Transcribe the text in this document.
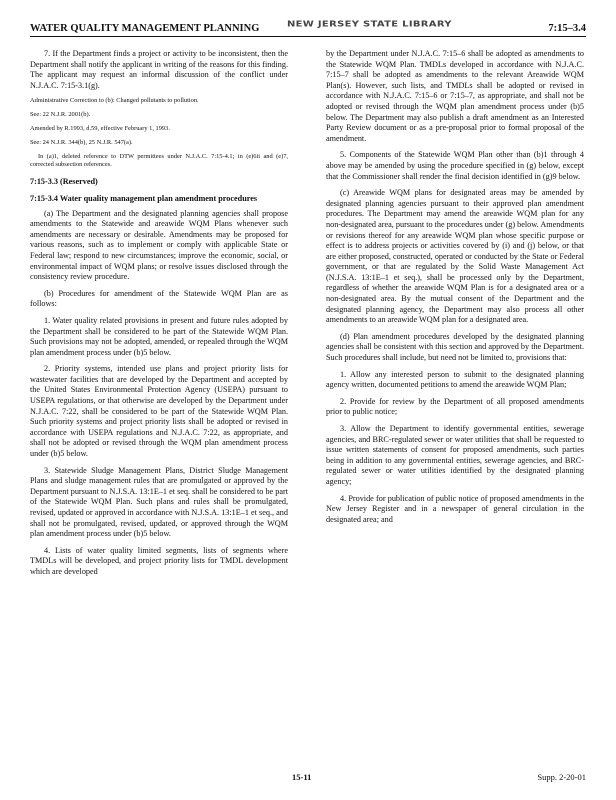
WATER QUALITY MANAGEMENT PLANNING	7:15–3.4
NEW JERSEY STATE LIBRARY

7. If the Department finds a project or activity to be inconsistent, then the Department shall notify the applicant in writing of the reasons for this finding. The applicant may request an informal discussion of the conflict under N.J.A.C. 7:15-3.1(g).

Administrative Correction to (b): Changed pollutants to pollution.

See: 22 N.J.R. 2001(b).

Amended by R.1993, d.59, effective February 1, 1993.

See: 24 N.J.R. 344(b), 25 N.J.R. 547(a).

In (a)1, deleted reference to DTW permittees under N.J.A.C. 7:15-4.1; in (e)6ii and (e)7, corrected subsection references.

7:15-3.3 (Reserved)
7:15-3.4 Water quality management plan amendment procedures

(a) The Department and the designated planning agencies shall propose amendments to the Statewide and areawide WQM Plans whenever such amendments are necessary or desirable. Amendments may be proposed for various reasons, such as to implement or comply with applicable State or Federal law; respond to new circumstances; improve the economic, social, or environmental impact of WQM plans; or resolve issues disclosed through the consistency review procedure.

(b) Procedures for amendment of the Statewide WQM Plan are as follows:

1. Water quality related provisions in present and future rules adopted by the Department shall be considered to be part of the Statewide WQM Plan. Such provisions may not be adopted, amended, or repealed through the WQM plan amendment process under (b)5 below.

2. Priority systems, intended use plans and project priority lists for wastewater facilities that are developed by the Department and accepted by the United States Environmental Protection Agency (USEPA) pursuant to USEPA regulations, or that otherwise are developed by the Department under N.J.A.C. 7:22, shall be considered to be part of the Statewide WQM Plan. Such priority systems and project priority lists shall be adopted or revised in accordance with USEPA regulations and N.J.A.C. 7:22, as appropriate, and shall not be adopted or revised through the WQM plan amendment process under (b)5 below.

3. Statewide Sludge Management Plans, District Sludge Management Plans and sludge management rules that are promulgated or approved by the Department pursuant to N.J.S.A. 13:1E–1 et seq. shall be considered to be part of the Statewide WQM Plan. Such plans and rules shall be promulgated, revised, updated or approved in accordance with N.J.S.A. 13:1E–1 et seq., and shall not be promulgated, revised, updated, or approved through the WQM plan amendment process under (b)5 below.

4. Lists of water quality limited segments, lists of segments where TMDLs will be developed, and project priority lists for TMDL development which are developed

by the Department under N.J.A.C. 7:15–6 shall be adopted as amendments to the Statewide WQM Plan. TMDLs developed in accordance with N.J.A.C. 7:15–7 shall be adopted as amendments to the relevant Areawide WQM Plan(s). However, such lists, and TMDLs shall be adopted or revised in accordance with N.J.A.C. 7:15–6 or 7:15–7, as appropriate, and shall not be adopted or revised through the WQM plan amendment process under (b)5 below. The Department may also publish a draft amendment as an Interested Party Review document or as a pre-proposal prior to formal proposal of the amendment.

5. Components of the Statewide WQM Plan other than (b)1 through 4 above may be amended by using the procedure specified in (g) below, except that the Commissioner shall render the final decision identified in (g)9 below.

(c) Areawide WQM plans for designated areas may be amended by designated planning agencies pursuant to their approved plan amendment procedures. The Department may amend the areawide WQM plan for any non-designated area, pursuant to the procedures under (g) below. Amendments or revisions thereof for any areawide WQM plan whose specific purpose or effect is to address projects or activities covered by (i) and (j) below, or that are either proposed, constructed, operated or conducted by the State or Federal government, or that are regulated by the Solid Waste Management Act (N.J.S.A. 13:1E–1 et seq.), shall be processed only by the Department, regardless of whether the areawide WQM Plan is for a designated area or a non-designated area. By the mutual consent of the Department and the designated planning agency, the Department may also process all other amendments to an areawide WQM plan for a designated area.

(d) Plan amendment procedures developed by the designated planning agencies shall be consistent with this section and approved by the Department. Such procedures shall include, but need not be limited to, provisions that:

1. Allow any interested person to submit to the designated planning agency written, documented petitions to amend the areawide WQM Plan;

2. Provide for review by the Department of all proposed amendments prior to public notice;

3. Allow the Department to identify governmental entities, sewerage agencies, and BRC-regulated sewer or water utilities that shall be requested to issue written statements of consent for proposed amendments, such parties being in addition to any governmental entities, sewerage agencies, and BRC-regulated sewer or water utilities identified by the designated planning agency;

4. Provide for publication of public notice of proposed amendments in the New Jersey Register and in a newspaper of general circulation in the designated area; and

15-11	Supp. 2-20-01
